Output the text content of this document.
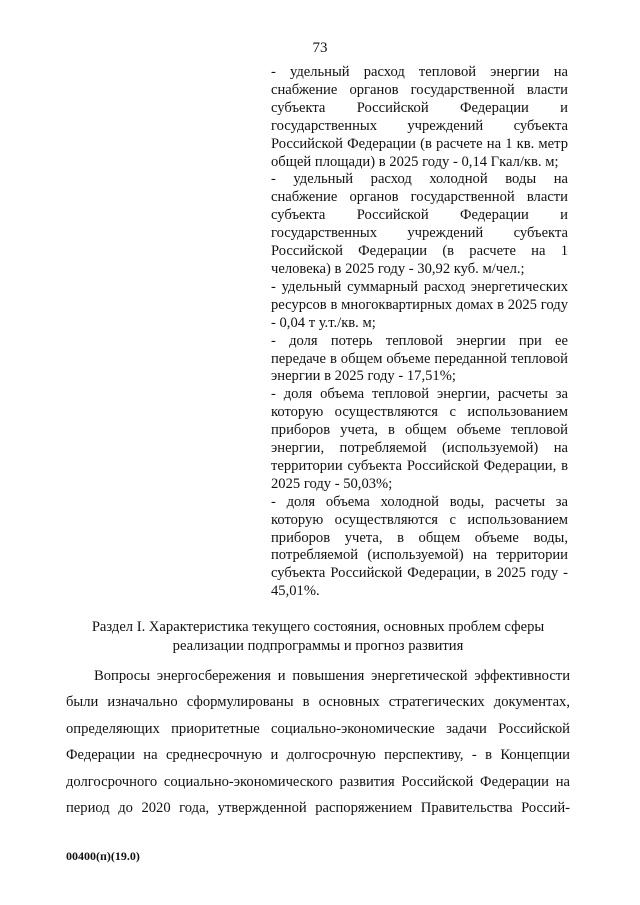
73

- удельный расход тепловой энергии на снабжение органов государственной власти субъекта Российской Федерации и государственных учреждений субъекта Российской Федерации (в расчете на 1 кв. метр общей площади) в 2025 году - 0,14 Гкал/кв. м;

- удельный расход холодной воды на снабжение органов государственной власти субъекта Российской Федерации и государственных учреждений субъекта Российской Федерации (в расчете на 1 человека) в 2025 году - 30,92 куб. м/чел.;

- удельный суммарный расход энергетических ресурсов в многоквартирных домах в 2025 году - 0,04 т у.т./кв. м;

- доля потерь тепловой энергии при ее передаче в общем объеме переданной тепловой энергии в 2025 году - 17,51%;

- доля объема тепловой энергии, расчеты за которую осуществляются с использованием приборов учета, в общем объеме тепловой энергии, потребляемой (используемой) на территории субъекта Российской Федерации, в 2025 году - 50,03%;

- доля объема холодной воды, расчеты за которую осуществляются с использованием приборов учета, в общем объеме воды, потребляемой (используемой) на территории субъекта Российской Федерации, в 2025 году - 45,01%.

Раздел I. Характеристика текущего состояния, основных проблем сферы реализации подпрограммы и прогноз развития

Вопросы энергосбережения и повышения энергетической эффективности были изначально сформулированы в основных стратегических документах, определяющих приоритетные социально-экономические задачи Российской Федерации на среднесрочную и долгосрочную перспективу, - в Концепции долгосрочного социально-экономического развития Российской Федерации на период до 2020 года, утвержденной распоряжением Правительства Россий-

00400(п)(19.0)
